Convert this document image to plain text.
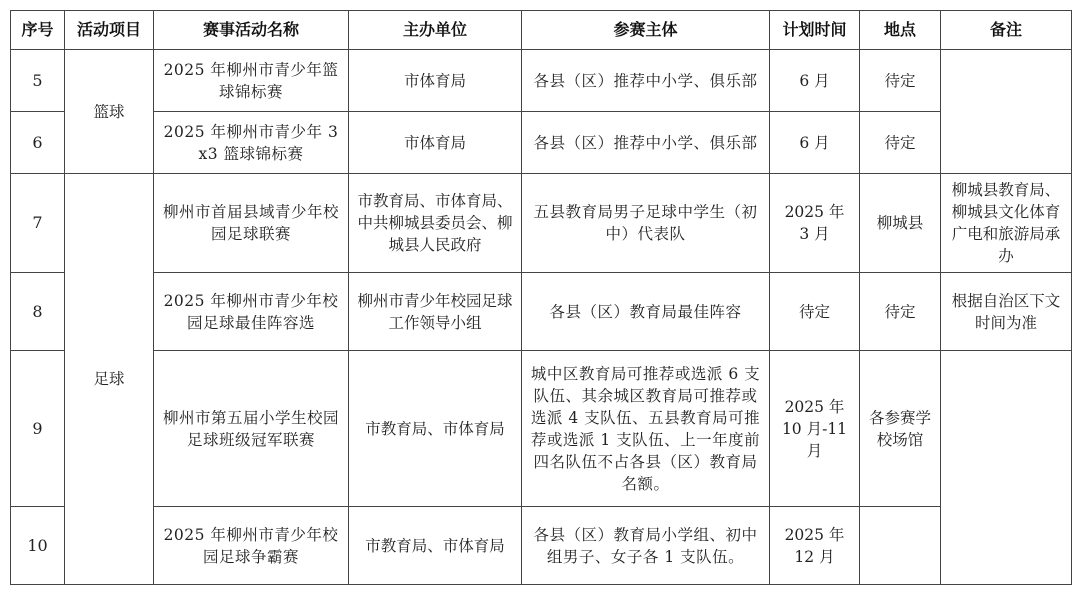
序号	活动项目	赛事活动名称	主办单位	参赛主体	计划时间	地点	备注
5	篮球	2025 年柳州市青少年篮球锦标赛	市体育局	各县（区）推荐中小学、俱乐部	6 月	待定	
6		2025 年柳州市青少年 3x3 篮球锦标赛	市体育局	各县（区）推荐中小学、俱乐部	6 月	待定	
7	足球	柳州市首届县域青少年校园足球联赛	市教育局、市体育局、中共柳城县委员会、柳城县人民政府	五县教育局男子足球中学生（初中）代表队	2025 年 3 月	柳城县	柳城县教育局、柳城县文化体育广电和旅游局承办
8		2025 年柳州市青少年校园足球最佳阵容选	柳州市青少年校园足球工作领导小组	各县（区）教育局最佳阵容	待定	待定	根据自治区下文时间为准
9		柳州市第五届小学生校园足球班级冠军联赛	市教育局、市体育局	城中区教育局可推荐或选派 6 支队伍、其余城区教育局可推荐或选派 4 支队伍、五县教育局可推荐或选派 1 支队伍、上一年度前四名队伍不占各县（区）教育局名额。	2025 年 10 月-11 月	各参赛学校场馆	
10		2025 年柳州市青少年校园足球争霸赛	市教育局、市体育局	各县（区）教育局小学组、初中组男子、女子各 1 支队伍。	2025 年 12 月		
